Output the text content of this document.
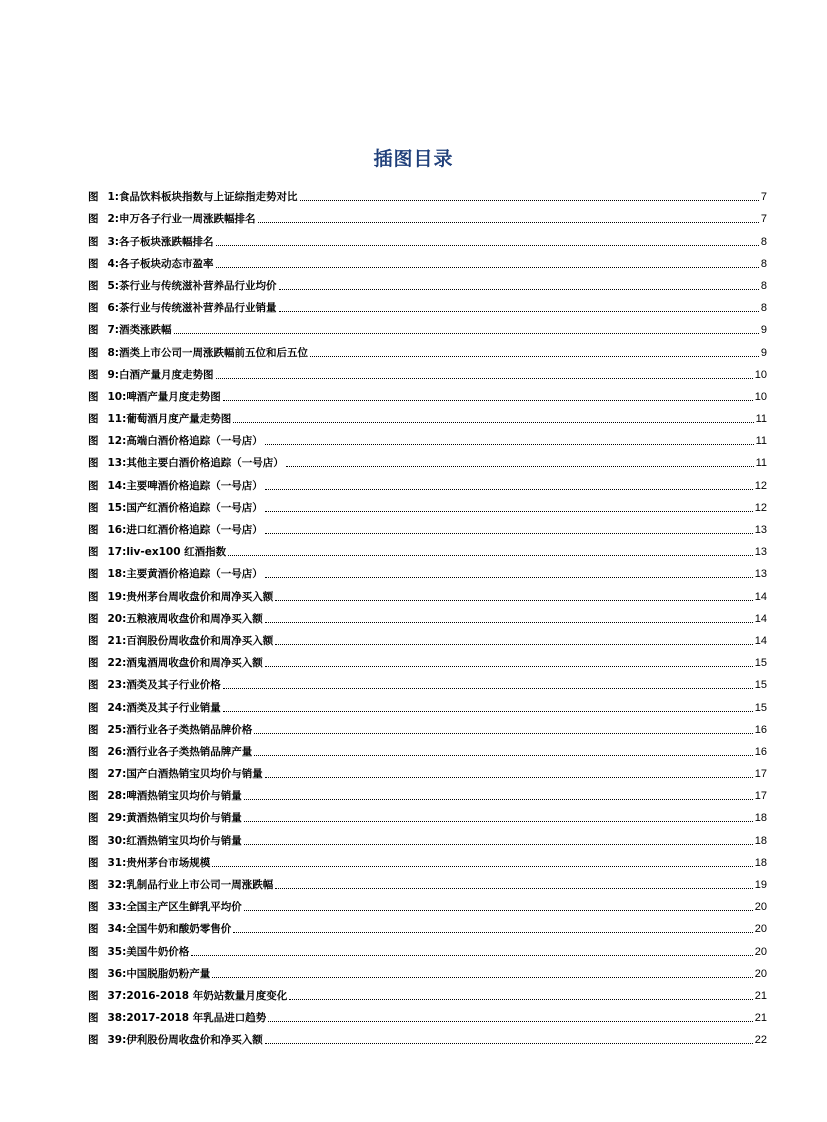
插图目录
图 1: 食品饮料板块指数与上证综指走势对比	7
图 2: 申万各子行业一周涨跌幅排名	7
图 3: 各子板块涨跌幅排名	8
图 4: 各子板块动态市盈率	8
图 5: 茶行业与传统滋补营养品行业均价	8
图 6: 茶行业与传统滋补营养品行业销量	8
图 7: 酒类涨跌幅	9
图 8: 酒类上市公司一周涨跌幅前五位和后五位	9
图 9: 白酒产量月度走势图	10
图 10: 啤酒产量月度走势图	10
图 11: 葡萄酒月度产量走势图	11
图 12: 高端白酒价格追踪（一号店）	11
图 13: 其他主要白酒价格追踪（一号店）	11
图 14: 主要啤酒价格追踪（一号店）	12
图 15: 国产红酒价格追踪（一号店）	12
图 16: 进口红酒价格追踪（一号店）	13
图 17: liv-ex100 红酒指数	13
图 18: 主要黄酒价格追踪（一号店）	13
图 19: 贵州茅台周收盘价和周净买入额	14
图 20: 五粮液周收盘价和周净买入额	14
图 21: 百润股份周收盘价和周净买入额	14
图 22: 酒鬼酒周收盘价和周净买入额	15
图 23: 酒类及其子行业价格	15
图 24: 酒类及其子行业销量	15
图 25: 酒行业各子类热销品牌价格	16
图 26: 酒行业各子类热销品牌产量	16
图 27: 国产白酒热销宝贝均价与销量	17
图 28: 啤酒热销宝贝均价与销量	17
图 29: 黄酒热销宝贝均价与销量	18
图 30: 红酒热销宝贝均价与销量	18
图 31: 贵州茅台市场规模	18
图 32: 乳制品行业上市公司一周涨跌幅	19
图 33: 全国主产区生鲜乳平均价	20
图 34: 全国牛奶和酸奶零售价	20
图 35: 美国牛奶价格	20
图 36: 中国脱脂奶粉产量	20
图 37: 2016-2018 年奶站数量月度变化	21
图 38: 2017-2018 年乳品进口趋势	21
图 39: 伊利股份周收盘价和净买入额	22
